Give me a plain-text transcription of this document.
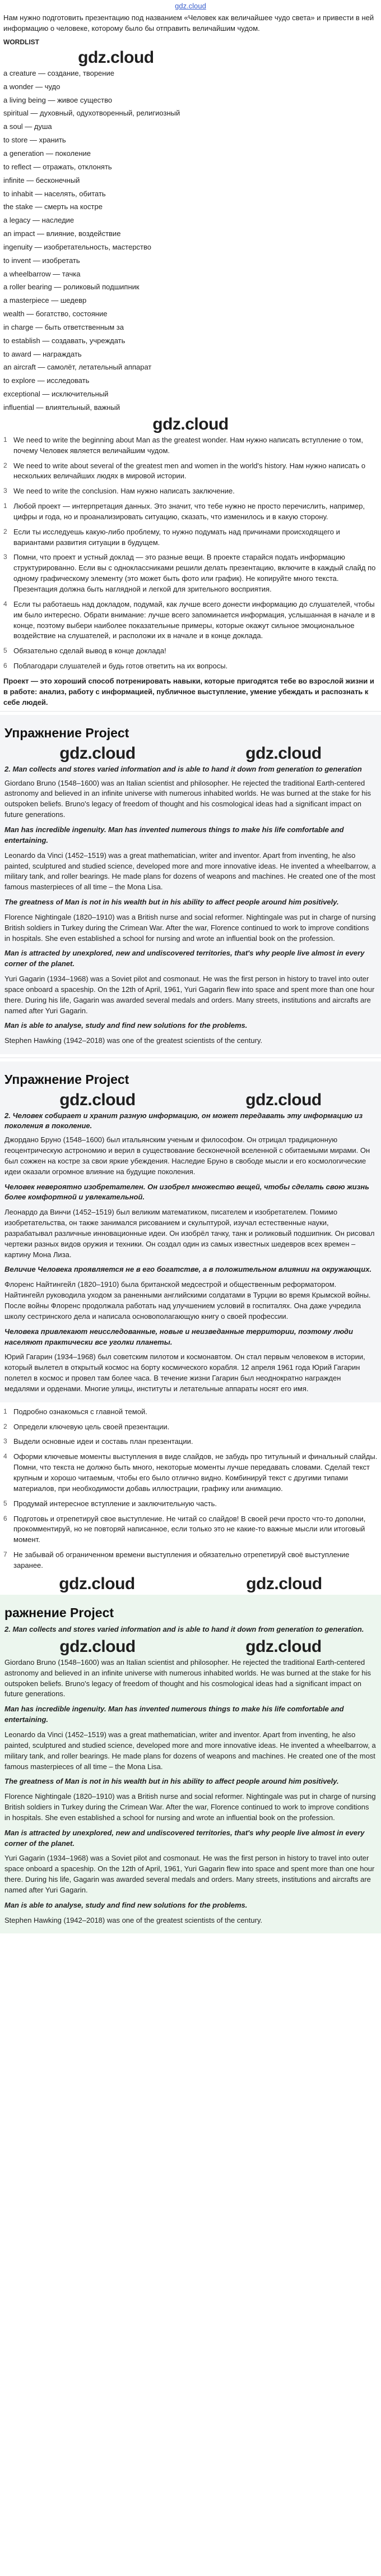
gdz.cloud

Нам нужно подготовить презентацию под названием «Человек как величайшее чудо света» и привести в ней информацию о человеке, которому было бы отправить величайшим чудом.

WORDLIST
gdz.cloud
a creature — создание, творение
a wonder — чудо
a living being — живое существо
spiritual — духовный, одухотворенный, религиозный
a soul — душа
to store — хранить
a generation — поколение
to reflect — отражать, отклонять
infinite — бесконечный
to inhabit — населять, обитать
the stake — смерть на костре
a legacy — наследие
an impact — влияние, воздействие
ingenuity — изобретательность, мастерство
to invent — изобретать
a wheelbarrow — тачка
a roller bearing — роликовый подшипник
a masterpiece — шедевр
wealth — богатство, состояние
in charge — быть ответственным за
to establish — создавать, учреждать
to award — награждать
an aircraft — самолёт, летательный аппарат
to explore — исследовать
exceptional — исключительный
influential — влиятельный, важный
gdz.cloud
1 We need to write the beginning about Man as the greatest wonder. Нам нужно написать вступление о том, почему Человек является величайшим чудом.
2 We need to write about several of the greatest men and women in the world's history. Нам нужно написать о нескольких величайших людях в мировой истории.
3 We need to write the conclusion. Нам нужно написать заключение.
1 Любой проект — интерпретация данных. Это значит, что тебе нужно не просто перечислить, например, цифры и года, но и проанализировать ситуацию, сказать, что изменилось и в какую сторону.
2 Если ты исследуешь какую-либо проблему, то нужно подумать над причинами происходящего и вариантами развития ситуации в будущем.
3 Помни, что проект и устный доклад — это разные вещи. В проекте старайся подать информацию структурированно. Если вы с одноклассниками решили делать презентацию, включите в каждый слайд по одному графическому элементу (это может быть фото или график). Не копируйте много текста. Презентация должна быть наглядной и легкой для зрительного восприятия.
4 Если ты работаешь над докладом, подумай, как лучше всего донести информацию до слушателей, чтобы им было интересно. Обрати внимание: лучше всего запоминается информация, услышанная в начале и в конце, поэтому выбери наиболее показательные примеры, которые окажут сильное эмоциональное воздействие на слушателей, и расположи их в начале и в конце доклада.
5 Обязательно сделай вывод в конце доклада!
6 Поблагодари слушателей и будь готов ответить на их вопросы.

Проект — это хороший способ потренировать навыки, которые пригодятся тебе во взрослой жизни и в работе: анализ, работу с информацией, публичное выступление, умение убеждать и распознать к себе людей.

Упражнение Project
gdz.cloud	gdz.cloud
2. Man collects and stores varied information and is able to hand it down from generation to generation

Giordano Bruno (1548–1600) was an Italian scientist and philosopher. He rejected the traditional Earth-centered astronomy and believed in an infinite universe with numerous inhabited worlds. He was burned at the stake for his outspoken beliefs. Bruno's legacy of freedom of thought and his cosmological ideas had a significant impact on future generations.

Man has incredible ingenuity. Man has invented numerous things to make his life comfortable and entertaining.

Leonardo da Vinci (1452–1519) was a great mathematician, writer and inventor. Apart from inventing, he also painted, sculptured and studied science, developed more and more innovative ideas. He invented a wheelbarrow, a military tank, and roller bearings. He made plans for dozens of weapons and machines. He created one of the most famous masterpieces of all time – the Mona Lisa.

The greatness of Man is not in his wealth but in his ability to affect people around him positively.

Florence Nightingale (1820–1910) was a British nurse and social reformer. Nightingale was put in charge of nursing British soldiers in Turkey during the Crimean War. After the war, Florence continued to work to improve conditions in hospitals. She even established a school for nursing and wrote an influential book on the profession.

Man is attracted by unexplored, new and undiscovered territories, that's why people live almost in every corner of the planet.

Yuri Gagarin (1934–1968) was a Soviet pilot and cosmonaut. He was the first person in history to travel into outer space onboard a spaceship. On the 12th of April, 1961, Yuri Gagarin flew into space and spent more than one hour there. During his life, Gagarin was awarded several medals and orders. Many streets, institutions and aircrafts are named after Yuri Gagarin.

Man is able to analyse, study and find new solutions for the problems.

Stephen Hawking (1942–2018) was one of the greatest scientists of the century.

Упражнение Project
gdz.cloud	gdz.cloud
2. Человек собирает и хранит разную информацию, он может передавать эту информацию из поколения в поколение.

Джордано Бруно (1548–1600) был итальянским ученым и философом. Он отрицал традиционную геоцентрическую астрономию и верил в существование бесконечной вселенной с обитаемыми мирами. Он был сожжен на костре за свои яркие убеждения. Наследие Бруно в свободе мысли и его космологические идеи оказали огромное влияние на будущие поколения.

Человек невероятно изобретателен. Он изобрел множество вещей, чтобы сделать свою жизнь более комфортной и увлекательной.

Леонардо да Винчи (1452–1519) был великим математиком, писателем и изобретателем. Помимо изобретательства, он также занимался рисованием и скульптурой, изучал естественные науки, разрабатывал различные инновационные идеи. Он изобрёл тачку, танк и роликовый подшипник. Он рисовал чертежи разных видов оружия и техники. Он создал один из самых известных шедевров всех времен – картину Мона Лиза.

Величие Человека проявляется не в его богатстве, а в положительном влиянии на окружающих.

Флоренс Найтингейл (1820–1910) была британской медсестрой и общественным реформатором. Найтингейл руководила уходом за раненными английскими солдатами в Турции во время Крымской войны. После войны Флоренс продолжала работать над улучшением условий в госпиталях. Она даже учредила школу сестринского дела и написала основополагающую книгу о своей профессии.

Человека привлекают неисследованные, новые и неизведанные территории, поэтому люди населяют практически все уголки планеты.

Юрий Гагарин (1934–1968) был советским пилотом и космонавтом. Он стал первым человеком в истории, который вылетел в открытый космос на борту космического корабля. 12 апреля 1961 года Юрий Гагарин полетел в космос и провел там более часа. В течение жизни Гагарин был неоднократно награжден медалями и орденами. Многие улицы, институты и летательные аппараты носят его имя.

1 Подробно ознакомься с главной темой.
2 Определи ключевую цель своей презентации.
3 Выдели основные идеи и составь план презентации.
4 Оформи ключевые моменты выступления в виде слайдов, не забудь про титульный и финальный слайды. Помни, что текста не должно быть много, некоторые моменты лучше передавать словами. Сделай текст крупным и хорошо читаемым, чтобы его было отлично видно. Комбинируй текст с другими типами материалов, при необходимости добавь иллюстрации, графику или анимацию.
5 Продумай интересное вступление и заключительную часть.
6 Подготовь и отрепетируй свое выступление. Не читай со слайдов! В своей речи просто что-то дополни, прокомментируй, но не повторяй написанное, если только это не какие-то важные мысли или итоговый момент.
7 Не забывай об ограниченном времени выступления и обязательно отрепетируй своё выступление заранее.
gdz.cloud	gdz.cloud
ражнение Project
2. Man collects and stores varied information and is able to hand it down from generation to generation.
gdz.cloud	gdz.cloud

Giordano Bruno (1548–1600) was an Italian scientist and philosopher. He rejected the traditional Earth-centered astronomy and believed in an infinite universe with numerous inhabited worlds. He was burned at the stake for his outspoken beliefs. Bruno's legacy of freedom of thought and his cosmological ideas had a significant impact on future generations.

Man has incredible ingenuity. Man has invented numerous things to make his life comfortable and entertaining.

Leonardo da Vinci (1452–1519) was a great mathematician, writer and inventor. Apart from inventing, he also painted, sculptured and studied science, developed more and more innovative ideas. He invented a wheelbarrow, a military tank, and roller bearings. He made plans for dozens of weapons and machines. He created one of the most famous masterpieces of all time – the Mona Lisa.

The greatness of Man is not in his wealth but in his ability to affect people around him positively.

Florence Nightingale (1820–1910) was a British nurse and social reformer. Nightingale was put in charge of nursing British soldiers in Turkey during the Crimean War. After the war, Florence continued to work to improve conditions in hospitals. She even established a school for nursing and wrote an influential book on the profession.

Man is attracted by unexplored, new and undiscovered territories, that's why people live almost in every corner of the planet.

Yuri Gagarin (1934–1968) was a Soviet pilot and cosmonaut. He was the first person in history to travel into outer space onboard a spaceship. On the 12th of April, 1961, Yuri Gagarin flew into space and spent more than one hour there. During his life, Gagarin was awarded several medals and orders. Many streets, institutions and aircrafts are named after Yuri Gagarin.

Man is able to analyse, study and find new solutions for the problems.

Stephen Hawking (1942–2018) was one of the greatest scientists of the century.
